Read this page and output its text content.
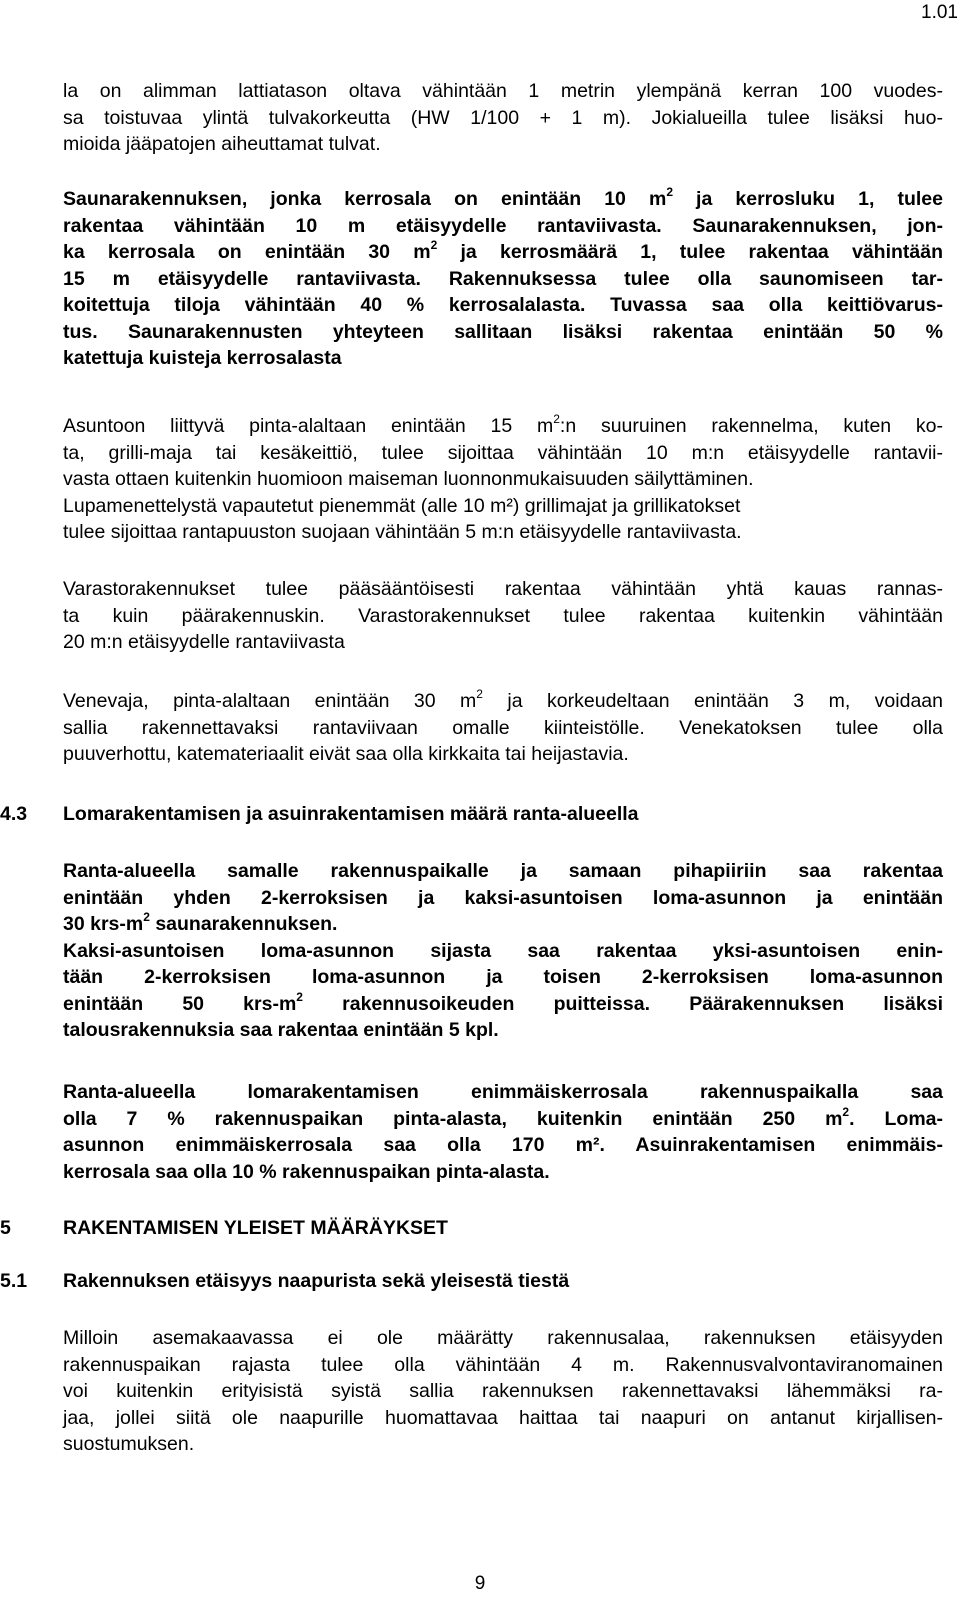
1.01
la on alimman lattiatason oltava vähintään 1 metrin ylempänä kerran 100 vuodes-
sa toistuvaa ylintä tulvakorkeutta (HW 1/100 + 1 m). Jokialueilla tulee lisäksi huo-
mioida jääpatojen aiheuttamat tulvat.
Saunarakennuksen, jonka kerrosala on enintään 10 $m^2$ ja kerrosluku 1, tulee
rakentaa vähintään 10 m etäisyydelle rantaviivasta. Saunarakennuksen, jon-
ka kerrosala on enintään 30 $m^2$ ja kerrosmäärä 1, tulee rakentaa vähintään
15 m etäisyydelle rantaviivasta. Rakennuksessa tulee olla saunomiseen tar-
koitettuja tiloja vähintään 40 % kerrosalalasta. Tuvassa saa olla keittiövarus-
tus. Saunarakennusten yhteyteen sallitaan lisäksi rakentaa enintään 50 %
katettuja kuisteja kerrosalasta
Asuntoon liittyvä pinta-alaltaan enintään 15 $m^2:n$ suuruinen rakennelma, kuten ko-
ta, grilli-maja tai kesäkeittiö, tulee sijoittaa vähintään 10 m:n etäisyydelle rantavii-
vasta ottaen kuitenkin huomioon maiseman luonnonmukaisuuden säilyttäminen.
Lupamenettelystä vapautetut pienemmät (alle 10 m²) grillimajat ja grillikatokset
tulee sijoittaa rantapuuston suojaan vähintään 5 m:n etäisyydelle rantaviivasta.
Varastorakennukset tulee pääsääntöisesti rakentaa vähintään yhtä kauas rannas-
ta kuin päärakennuskin. Varastorakennukset tulee rakentaa kuitenkin vähintään
20 m:n etäisyydelle rantaviivasta
Venevaja, pinta-alaltaan enintään 30 $m^2$ ja korkeudeltaan enintään 3 m, voidaan
sallia rakennettavaksi rantaviivaan omalle kiinteistölle. Venekatoksen tulee olla
puuverhottu, katemateriaalit eivät saa olla kirkkaita tai heijastavia.
4.3 Lomarakentamisen ja asuinrakentamisen määrä ranta-alueella
Ranta-alueella samalle rakennuspaikalle ja samaan pihapiiriin saa rakentaa
enintään yhden 2-kerroksisen ja kaksi-asuntoisen loma-asunnon ja enintään
30 krs-$m^2$ saunarakennuksen.
Kaksi-asuntoisen loma-asunnon sijasta saa rakentaa yksi-asuntoisen enin-
tään 2-kerroksisen loma-asunnon ja toisen 2-kerroksisen loma-asunnon
enintään 50 krs-$m^2$ rakennusoikeuden puitteissa. Päärakennuksen lisäksi
talousrakennuksia saa rakentaa enintään 5 kpl.
Ranta-alueella lomarakentamisen enimmäiskerrosala rakennuspaikalla saa
olla 7 % rakennuspaikan pinta-alasta, kuitenkin enintään 250 $m^2$. Loma-
asunnon enimmäiskerrosala saa olla 170 m². Asuinrakentamisen enimmäis-
kerrosala saa olla 10 % rakennuspaikan pinta-alasta.
5	RAKENTAMISEN YLEISET MÄÄRÄYKSET
5.1 Rakennuksen etäisyys naapurista sekä yleisestä tiestä
Milloin asemakaavassa ei ole määrätty rakennusalaa, rakennuksen etäisyyden
rakennuspaikan rajasta tulee olla vähintään 4 m. Rakennusvalvontaviranomainen
voi kuitenkin erityisistä syistä sallia rakennuksen rakennettavaksi lähemmäksi ra-
jaa, jollei siitä ole naapurille huomattavaa haittaa tai naapuri on antanut kirjallisen-
suostumuksen.
9
